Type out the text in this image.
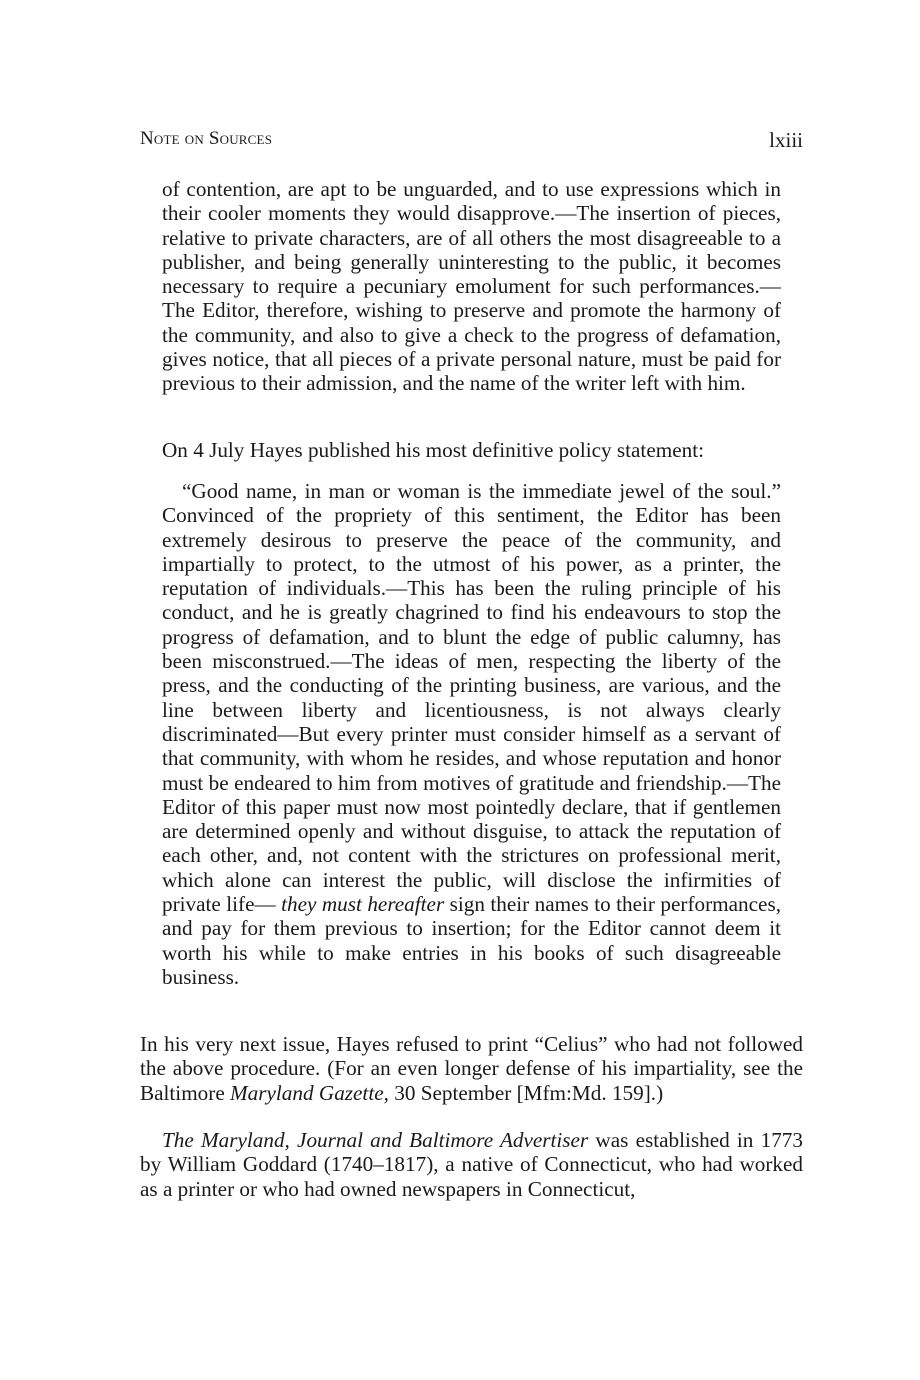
Note on Sources	lxiii

of contention, are apt to be unguarded, and to use expressions which in their cooler moments they would disapprove.—The insertion of pieces, relative to private characters, are of all others the most disagreeable to a publisher, and being generally uninteresting to the public, it becomes necessary to require a pecuniary emolument for such performances.—The Editor, therefore, wishing to preserve and promote the harmony of the community, and also to give a check to the progress of defamation, gives notice, that all pieces of a private personal nature, must be paid for previous to their admission, and the name of the writer left with him.

On 4 July Hayes published his most definitive policy statement:

“Good name, in man or woman is the immediate jewel of the soul.” Convinced of the propriety of this sentiment, the Editor has been extremely desirous to preserve the peace of the community, and impartially to protect, to the utmost of his power, as a printer, the reputation of individuals.—This has been the ruling principle of his conduct, and he is greatly chagrined to find his endeavours to stop the progress of defamation, and to blunt the edge of public calumny, has been misconstrued.—The ideas of men, respecting the liberty of the press, and the conducting of the printing business, are various, and the line between liberty and licentiousness, is not always clearly discriminated—But every printer must consider himself as a servant of that community, with whom he resides, and whose reputation and honor must be endeared to him from motives of gratitude and friendship.—The Editor of this paper must now most pointedly declare, that if gentlemen are determined openly and without disguise, to attack the reputation of each other, and, not content with the strictures on professional merit, which alone can interest the public, will disclose the infirmities of private life— they must hereafter sign their names to their performances, and pay for them previous to insertion; for the Editor cannot deem it worth his while to make entries in his books of such disagreeable business.

In his very next issue, Hayes refused to print “Celius” who had not followed the above procedure. (For an even longer defense of his impartiality, see the Baltimore Maryland Gazette, 30 September [Mfm:Md. 159].)

The Maryland, Journal and Baltimore Advertiser was established in 1773 by William Goddard (1740–1817), a native of Connecticut, who had worked as a printer or who had owned newspapers in Connecticut,
